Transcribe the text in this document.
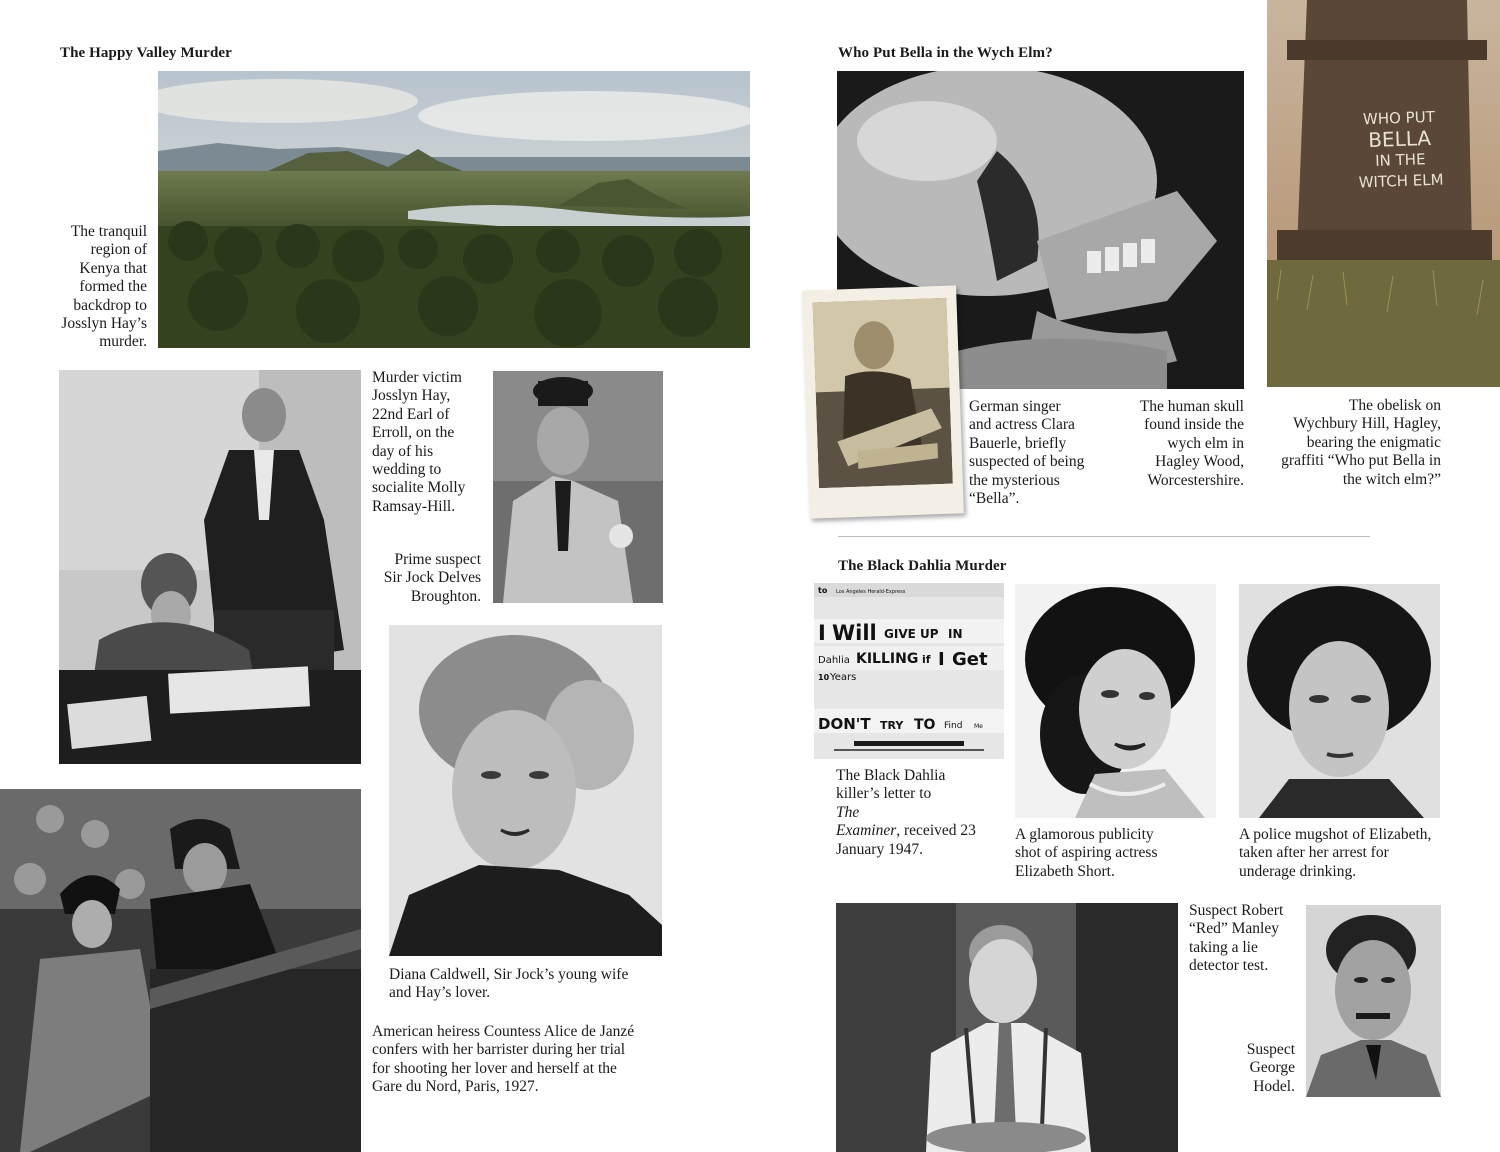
The Happy Valley Murder
The tranquil
region of
Kenya that
formed the
backdrop to
Josslyn Hay’s
murder.
Murder victim
Josslyn Hay,
22nd Earl of
Erroll, on the
day of his
wedding to
socialite Molly
Ramsay-Hill.
Prime suspect
Sir Jock Delves
Broughton.
Diana Caldwell, Sir Jock’s young wife
and Hay’s lover.
American heiress Countess Alice de Janzé
confers with her barrister during her trial
for shooting her lover and herself at the
Gare du Nord, Paris, 1927.
Who Put Bella in the Wych Elm?
WHO PUT
BELLA
IN THE
WITCH ELM
German singer
and actress Clara
Bauerle, briefly
suspected of being
the mysterious
“Bella”.
The human skull
found inside the
wych elm in
Hagley Wood,
Worcestershire.
The obelisk on
Wychbury Hill, Hagley,
bearing the enigmatic
graffiti “Who put Bella in
the witch elm?”
The Black Dahlia Murder
to Los Angeles Herald-Express
I Will GIVE UP IN
Dahlia KILLING if I Get
10 Years
DON'T TRY TO Find Me
The Black Dahlia
killer’s letter to
The
Examiner, received 23
January 1947.
A glamorous publicity
shot of aspiring actress
Elizabeth Short.
A police mugshot of Elizabeth,
taken after her arrest for
underage drinking.
Suspect Robert
“Red” Manley
taking a lie
detector test.
Suspect
George
Hodel.
